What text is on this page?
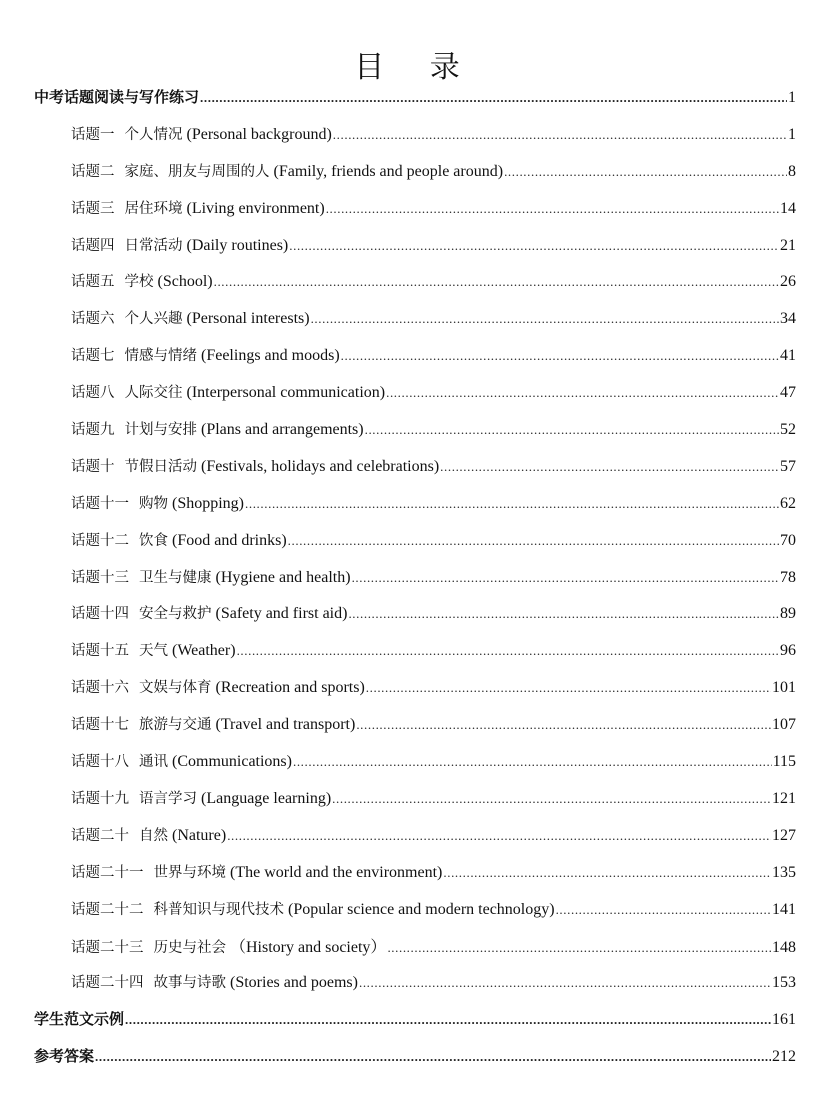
目 录
中考话题阅读与写作练习 .....	1
话题一 个人情况 (Personal background) .....	1
话题二 家庭、朋友与周围的人 (Family, friends and people around) .....	8
话题三 居住环境 (Living environment) .....	14
话题四 日常活动 (Daily routines) .....	21
话题五 学校 (School) .....	26
话题六 个人兴趣 (Personal interests) .....	34
话题七 情感与情绪 (Feelings and moods) .....	41
话题八 人际交往 (Interpersonal communication) .....	47
话题九 计划与安排 (Plans and arrangements) .....	52
话题十 节假日活动 (Festivals, holidays and celebrations) .....	57
话题十一 购物 (Shopping) .....	62
话题十二 饮食 (Food and drinks) .....	70
话题十三 卫生与健康 (Hygiene and health) .....	78
话题十四 安全与救护 (Safety and first aid) .....	89
话题十五 天气 (Weather) .....	96
话题十六 文娱与体育 (Recreation and sports) .....	101
话题十七 旅游与交通 (Travel and transport) .....	107
话题十八 通讯 (Communications) .....	115
话题十九 语言学习 (Language learning) .....	121
话题二十 自然 (Nature) .....	127
话题二十一 世界与环境 (The world and the environment) .....	135
话题二十二 科普知识与现代技术 (Popular science and modern technology) .....	141
话题二十三 历史与社会 （History and society） .....	148
话题二十四 故事与诗歌 (Stories and poems) .....	153
学生范文示例 .....	161
参考答案 .....	212
